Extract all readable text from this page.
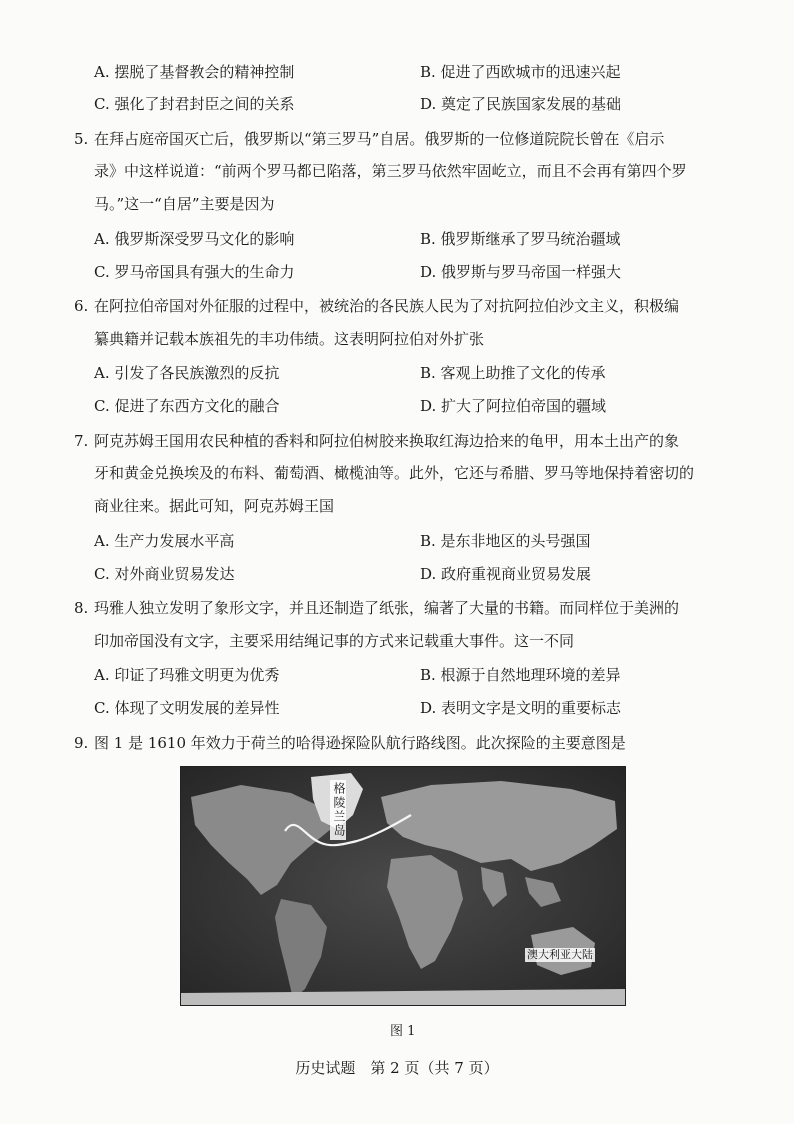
A. 摆脱了基督教会的精神控制	B. 促进了西欧城市的迅速兴起
C. 强化了封君封臣之间的关系	D. 奠定了民族国家发展的基础
5. 在拜占庭帝国灭亡后，俄罗斯以“第三罗马”自居。俄罗斯的一位修道院院长曾在《启示
录》中这样说道：“前两个罗马都已陷落，第三罗马依然牢固屹立，而且不会再有第四个罗
马。”这一“自居”主要是因为
A. 俄罗斯深受罗马文化的影响	B. 俄罗斯继承了罗马统治疆域
C. 罗马帝国具有强大的生命力	D. 俄罗斯与罗马帝国一样强大
6. 在阿拉伯帝国对外征服的过程中，被统治的各民族人民为了对抗阿拉伯沙文主义，积极编
纂典籍并记载本族祖先的丰功伟绩。这表明阿拉伯对外扩张
A. 引发了各民族激烈的反抗	B. 客观上助推了文化的传承
C. 促进了东西方文化的融合	D. 扩大了阿拉伯帝国的疆域
7. 阿克苏姆王国用农民种植的香料和阿拉伯树胶来换取红海边拾来的龟甲，用本土出产的象
牙和黄金兑换埃及的布料、葡萄酒、橄榄油等。此外，它还与希腊、罗马等地保持着密切的
商业往来。据此可知，阿克苏姆王国
A. 生产力发展水平高	B. 是东非地区的头号强国
C. 对外商业贸易发达	D. 政府重视商业贸易发展
8. 玛雅人独立发明了象形文字，并且还制造了纸张，编著了大量的书籍。而同样位于美洲的
印加帝国没有文字，主要采用结绳记事的方式来记载重大事件。这一不同
A. 印证了玛雅文明更为优秀	B. 根源于自然地理环境的差异
C. 体现了文明发展的差异性	D. 表明文字是文明的重要标志
9. 图 1 是 1610 年效力于荷兰的哈得逊探险队航行路线图。此次探险的主要意图是
格陵兰岛
澳大利亚大陆
图 1
历史试题　第 2 页（共 7 页）
